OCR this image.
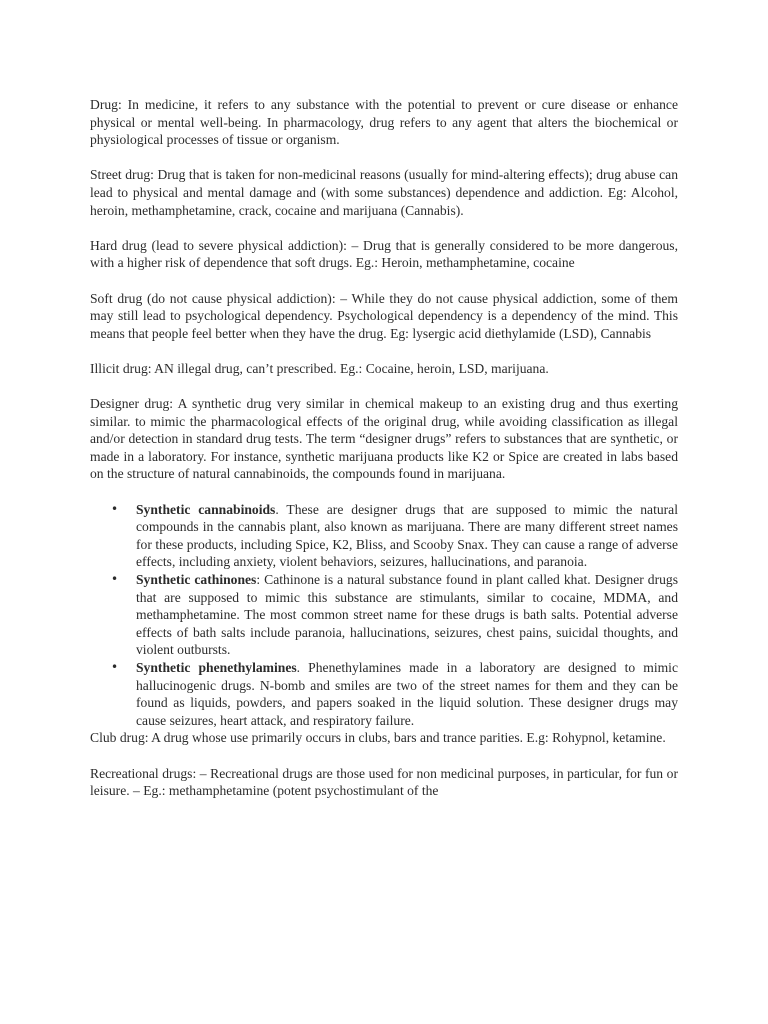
Drug: In medicine, it refers to any substance with the potential to prevent or cure disease or enhance physical or mental well-being. In pharmacology, drug refers to any agent that alters the biochemical or physiological processes of tissue or organism.

Street drug: Drug that is taken for non-medicinal reasons (usually for mind-altering effects); drug abuse can lead to physical and mental damage and (with some substances) dependence and addiction. Eg: Alcohol, heroin, methamphetamine, crack, cocaine and marijuana (Cannabis).

Hard drug (lead to severe physical addiction): – Drug that is generally considered to be more dangerous, with a higher risk of dependence that soft drugs. Eg.: Heroin, methamphetamine, cocaine

Soft drug (do not cause physical addiction): – While they do not cause physical addiction, some of them may still lead to psychological dependency. Psychological dependency is a dependency of the mind. This means that people feel better when they have the drug. Eg: lysergic acid diethylamide (LSD), Cannabis

Illicit drug: AN illegal drug, can’t prescribed. Eg.: Cocaine, heroin, LSD, marijuana.

Designer drug: A synthetic drug very similar in chemical makeup to an existing drug and thus exerting similar. to mimic the pharmacological effects of the original drug, while avoiding classification as illegal and/or detection in standard drug tests. The term “designer drugs” refers to substances that are synthetic, or made in a laboratory. For instance, synthetic marijuana products like K2 or Spice are created in labs based on the structure of natural cannabinoids, the compounds found in marijuana.

• Synthetic cannabinoids. These are designer drugs that are supposed to mimic the natural compounds in the cannabis plant, also known as marijuana. There are many different street names for these products, including Spice, K2, Bliss, and Scooby Snax. They can cause a range of adverse effects, including anxiety, violent behaviors, seizures, hallucinations, and paranoia.
• Synthetic cathinones: Cathinone is a natural substance found in plant called khat. Designer drugs that are supposed to mimic this substance are stimulants, similar to cocaine, MDMA, and methamphetamine. The most common street name for these drugs is bath salts. Potential adverse effects of bath salts include paranoia, hallucinations, seizures, chest pains, suicidal thoughts, and violent outbursts.
• Synthetic phenethylamines. Phenethylamines made in a laboratory are designed to mimic hallucinogenic drugs. N-bomb and smiles are two of the street names for them and they can be found as liquids, powders, and papers soaked in the liquid solution. These designer drugs may cause seizures, heart attack, and respiratory failure.

Club drug: A drug whose use primarily occurs in clubs, bars and trance parities. E.g: Rohypnol, ketamine.

Recreational drugs: – Recreational drugs are those used for non medicinal purposes, in particular, for fun or leisure. – Eg.: methamphetamine (potent psychostimulant of the
